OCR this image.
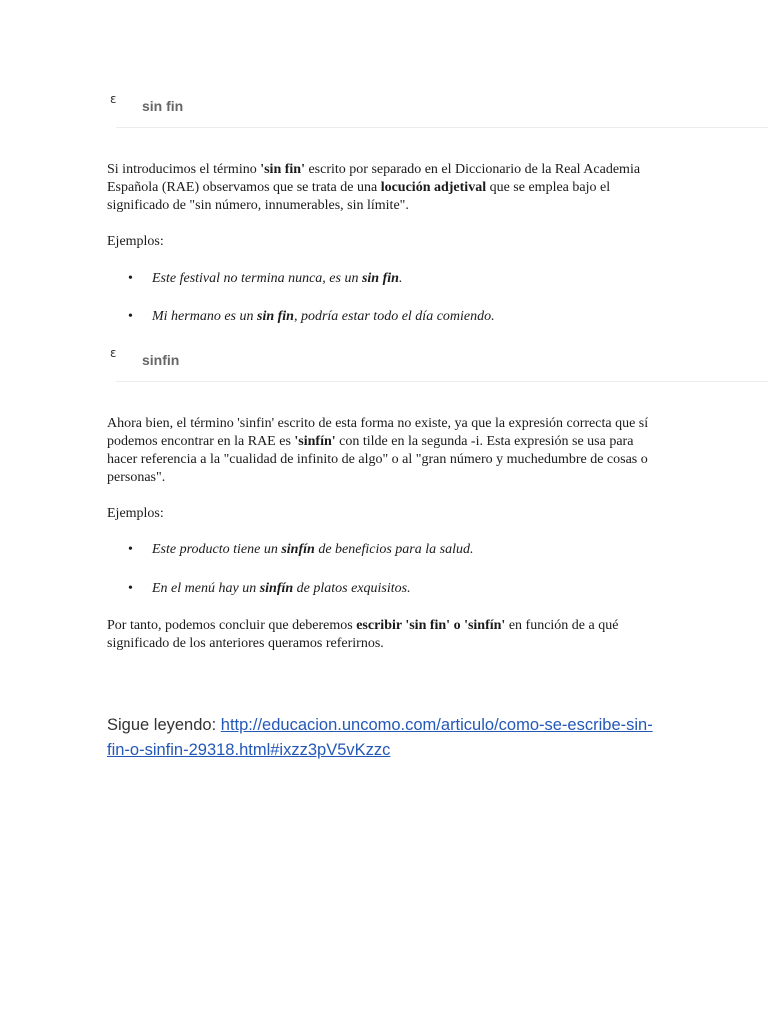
ε sin fin

Si introducimos el término 'sin fin' escrito por separado en el Diccionario de la Real Academia Española (RAE) observamos que se trata de una locución adjetival que se emplea bajo el significado de "sin número, innumerables, sin límite".

Ejemplos:
• Este festival no termina nunca, es un sin fin.
• Mi hermano es un sin fin, podría estar todo el día comiendo.
ε sinfin

Ahora bien, el término 'sinfin' escrito de esta forma no existe, ya que la expresión correcta que sí podemos encontrar en la RAE es 'sinfín' con tilde en la segunda -i. Esta expresión se usa para hacer referencia a la "cualidad de infinito de algo" o al "gran número y muchedumbre de cosas o personas".

Ejemplos:
• Este producto tiene un sinfín de beneficios para la salud.
• En el menú hay un sinfín de platos exquisitos.

Por tanto, podemos concluir que deberemos escribir 'sin fin' o 'sinfín' en función de a qué significado de los anteriores queramos referirnos.

Sigue leyendo: http://educacion.uncomo.com/articulo/como-se-escribe-sin-fin-o-sinfin-29318.html#ixzz3pV5vKzzc
